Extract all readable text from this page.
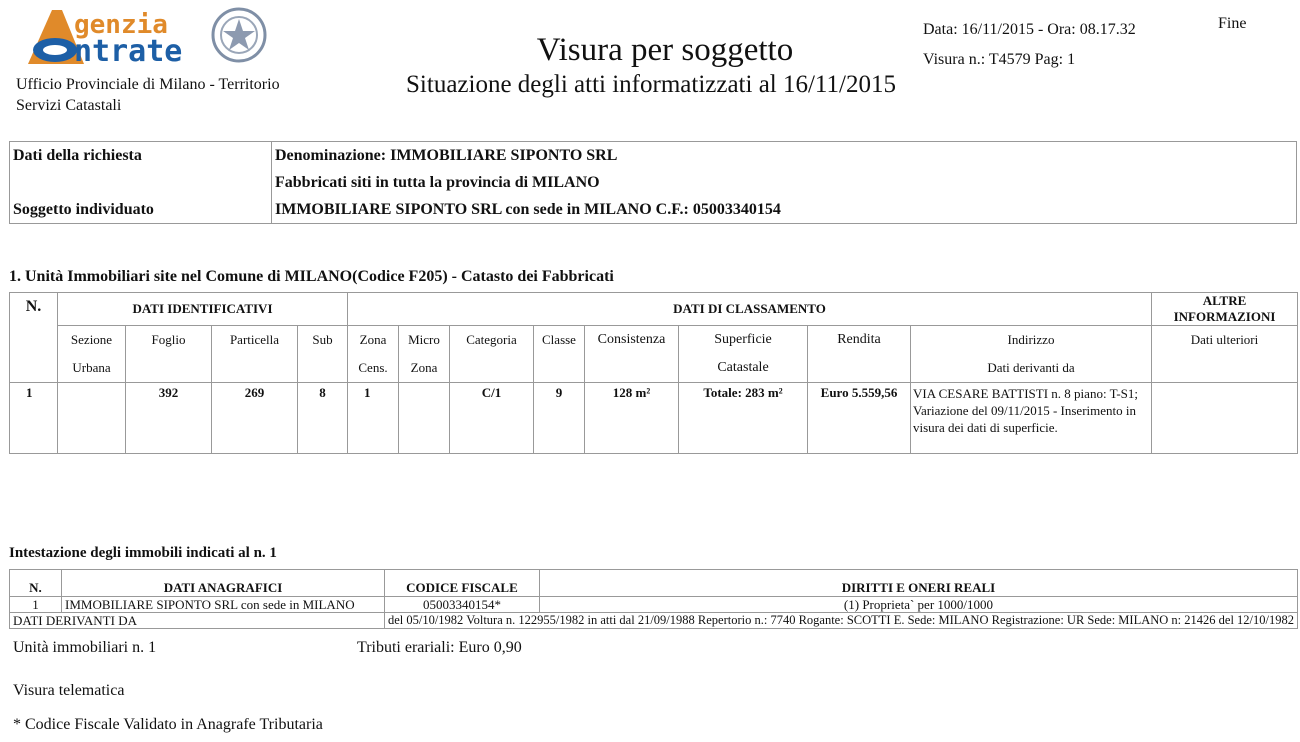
genzia
ntrate
Ufficio Provinciale di Milano - Territorio
Servizi Catastali
Visura per soggetto
Situazione degli atti informatizzati al 16/11/2015
Data: 16/11/2015 - Ora: 08.17.32
Visura n.: T4579 Pag: 1
Fine
Dati della richiesta	Denominazione: IMMOBILIARE SIPONTO SRL
	Fabbricati siti in tutta la provincia di MILANO
Soggetto individuato	IMMOBILIARE SIPONTO SRL con sede in MILANO C.F.: 05003340154
1. Unità Immobiliari site nel Comune di MILANO(Codice F205) - Catasto dei Fabbricati
N.	DATI IDENTIFICATIVI				DATI DI CLASSAMENTO								ALTRE INFORMAZIONI
	Sezione	Foglio	Particella	Sub	Zona	Micro	Categoria	Classe	Consistenza	Superficie	Rendita	Indirizzo	Dati ulteriori
	Urbana				Cens.	Zona				Catastale		Dati derivanti da	
1		392	269	8	1		C/1	9	128 m²	Totale: 283 m²	Euro 5.559,56	VIA CESARE BATTISTI n. 8 piano: T-S1; Variazione del 09/11/2015 - Inserimento in visura dei dati di superficie.	
Intestazione degli immobili indicati al n. 1
N.	DATI ANAGRAFICI	CODICE FISCALE	DIRITTI E ONERI REALI
1	IMMOBILIARE SIPONTO SRL con sede in MILANO	05003340154*	(1) Proprieta` per 1000/1000
DATI DERIVANTI DA		del 05/10/1982 Voltura n. 122955/1982 in atti dal 21/09/1988 Repertorio n.: 7740 Rogante: SCOTTI E. Sede: MILANO Registrazione: UR Sede: MILANO n: 21426 del 12/10/1982	
Unità immobiliari n. 1	Tributi erariali: Euro 0,90
Visura telematica
* Codice Fiscale Validato in Anagrafe Tributaria
